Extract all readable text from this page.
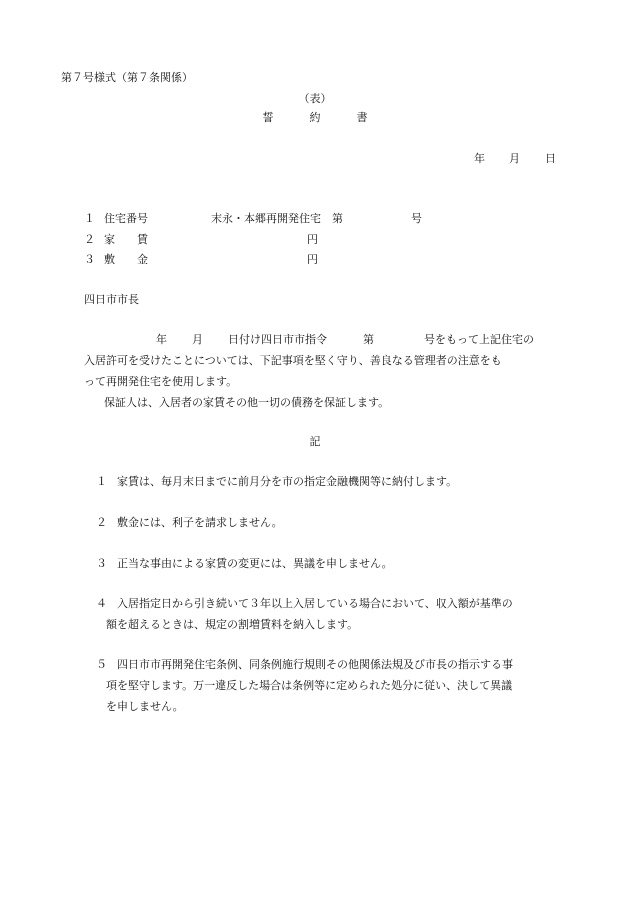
第７号様式（第７条関係）
（表）
誓	約	書
年 月 日
１ 住宅番号	末永・本郷再開発住宅　第	号
２ 家　　賃	円
３ 敷　　金	円
四日市市長
年 月 日付け四日市市指令	第	号をもって上記住宅の
入居許可を受けたことについては、下記事項を堅く守り、善良なる管理者の注意をも
って再開発住宅を使用します。
保証人は、入居者の家賃その他一切の債務を保証します。
記
１ 家賃は、毎月末日までに前月分を市の指定金融機関等に納付します。
２ 敷金には、利子を請求しません。
３ 正当な事由による家賃の変更には、異議を申しません。
４ 入居指定日から引き続いて３年以上入居している場合において、収入額が基準の
額を超えるときは、規定の割増賃料を納入します。
５ 四日市市再開発住宅条例、同条例施行規則その他関係法規及び市長の指示する事
項を堅守します。万一違反した場合は条例等に定められた処分に従い、決して異議
を申しません。
